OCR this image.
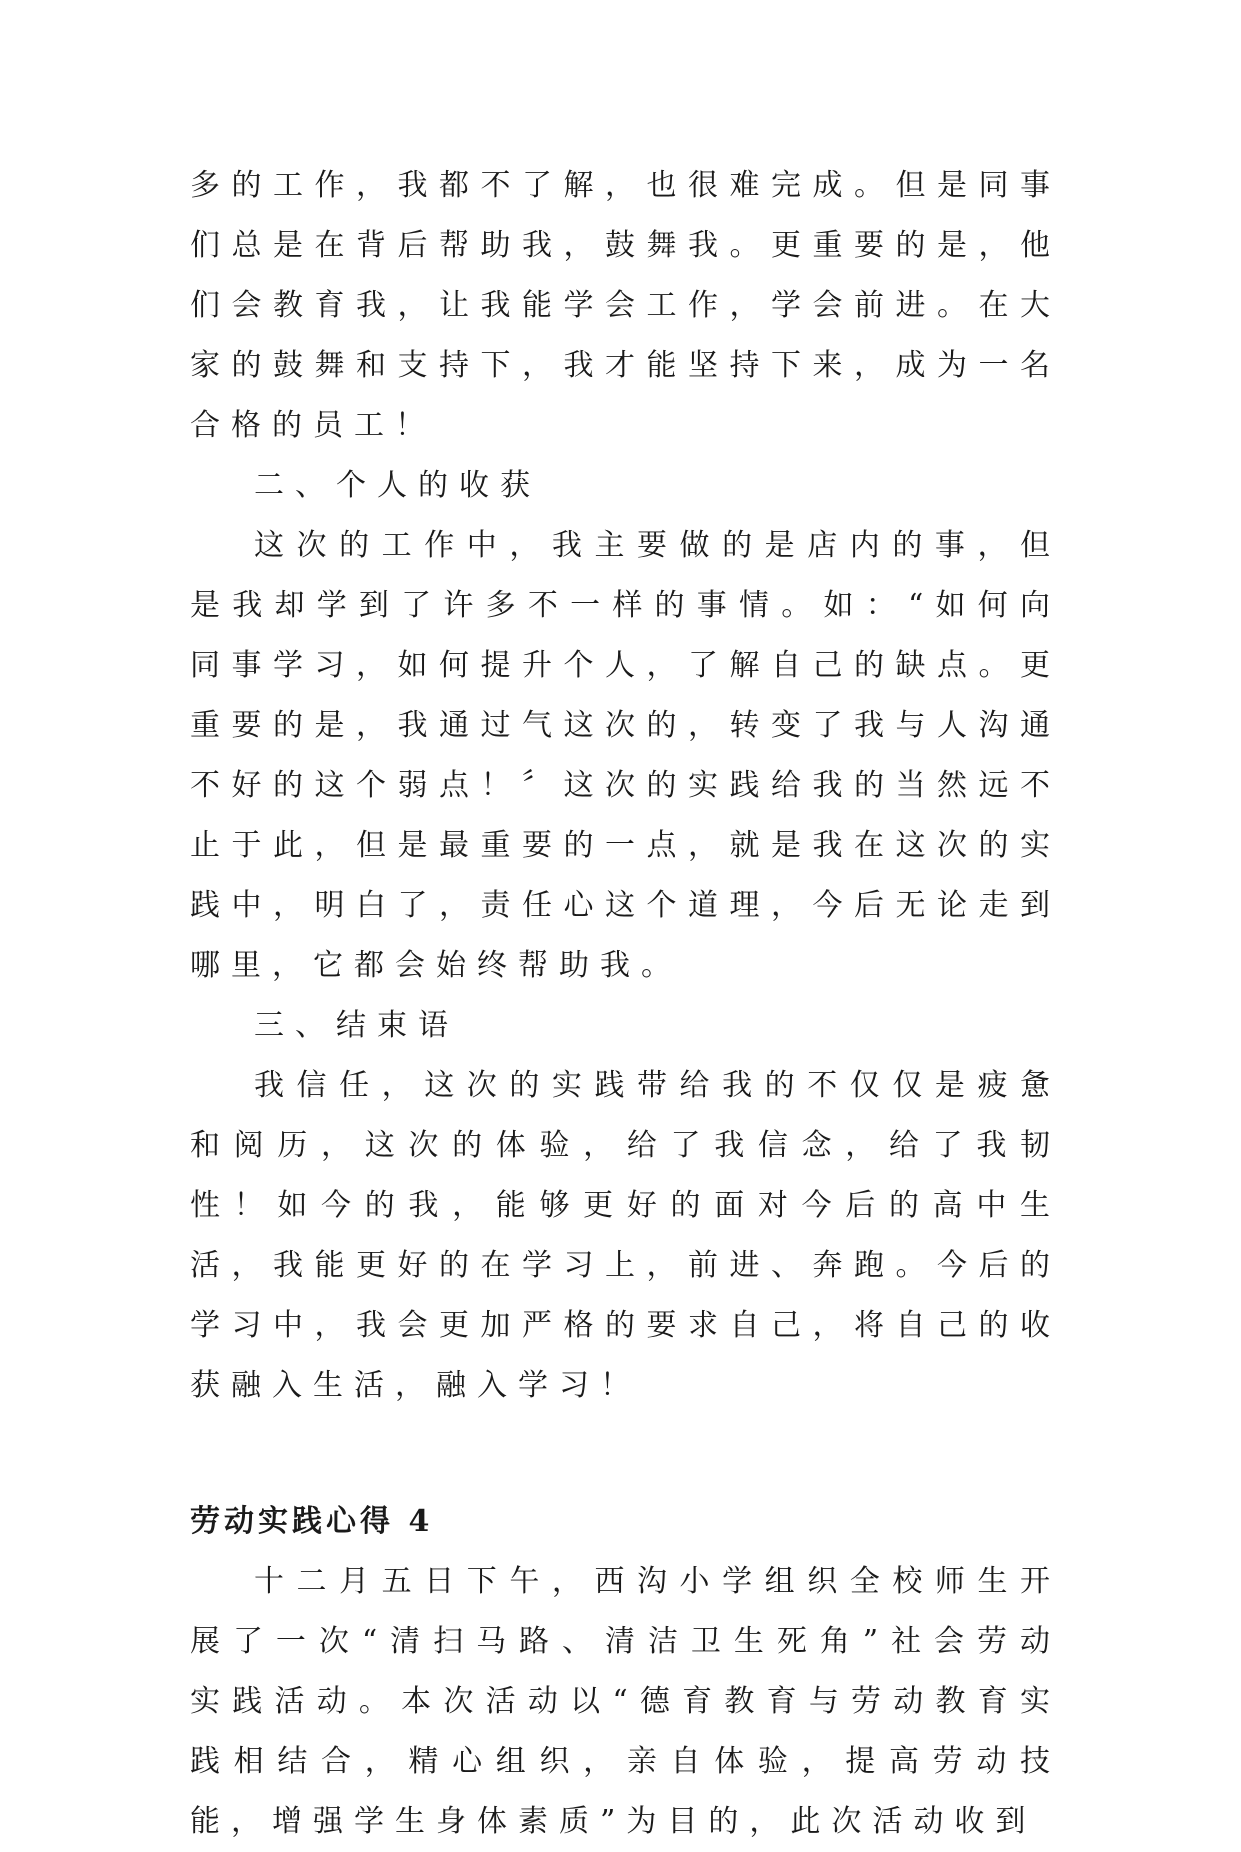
多的工作，我都不了解，也很难完成。但是同事们总是在背后帮助我，鼓舞我。更重要的是，他们会教育我，让我能学会工作，学会前进。在大家的鼓舞和支持下，我才能坚持下来，成为一名合格的员工！

二、个人的收获

这次的工作中，我主要做的是店内的事，但是我却学到了许多不一样的事情。如：“如何向同事学习，如何提升个人，了解自己的缺点。更重要的是，我通过气这次的，转变了我与人沟通不好的这个弱点！〞这次的实践给我的当然远不止于此，但是最重要的一点，就是我在这次的实践中，明白了，责任心这个道理，今后无论走到哪里，它都会始终帮助我。

三、结束语

我信任，这次的实践带给我的不仅仅是疲惫和阅历，这次的体验，给了我信念，给了我韧性！如今的我，能够更好的面对今后的高中生活，我能更好的在学习上，前进、奔跑。今后的学习中，我会更加严格的要求自己，将自己的收获融入生活，融入学习！

劳动实践心得 4

十二月五日下午，西沟小学组织全校师生开展了一次“清扫马路、清洁卫生死角”社会劳动实践活动。本次活动以“德育教育与劳动教育实践相结合，精心组织，亲自体验，提高劳动技能，增强学生身体素质”为目的，此次活动收到
